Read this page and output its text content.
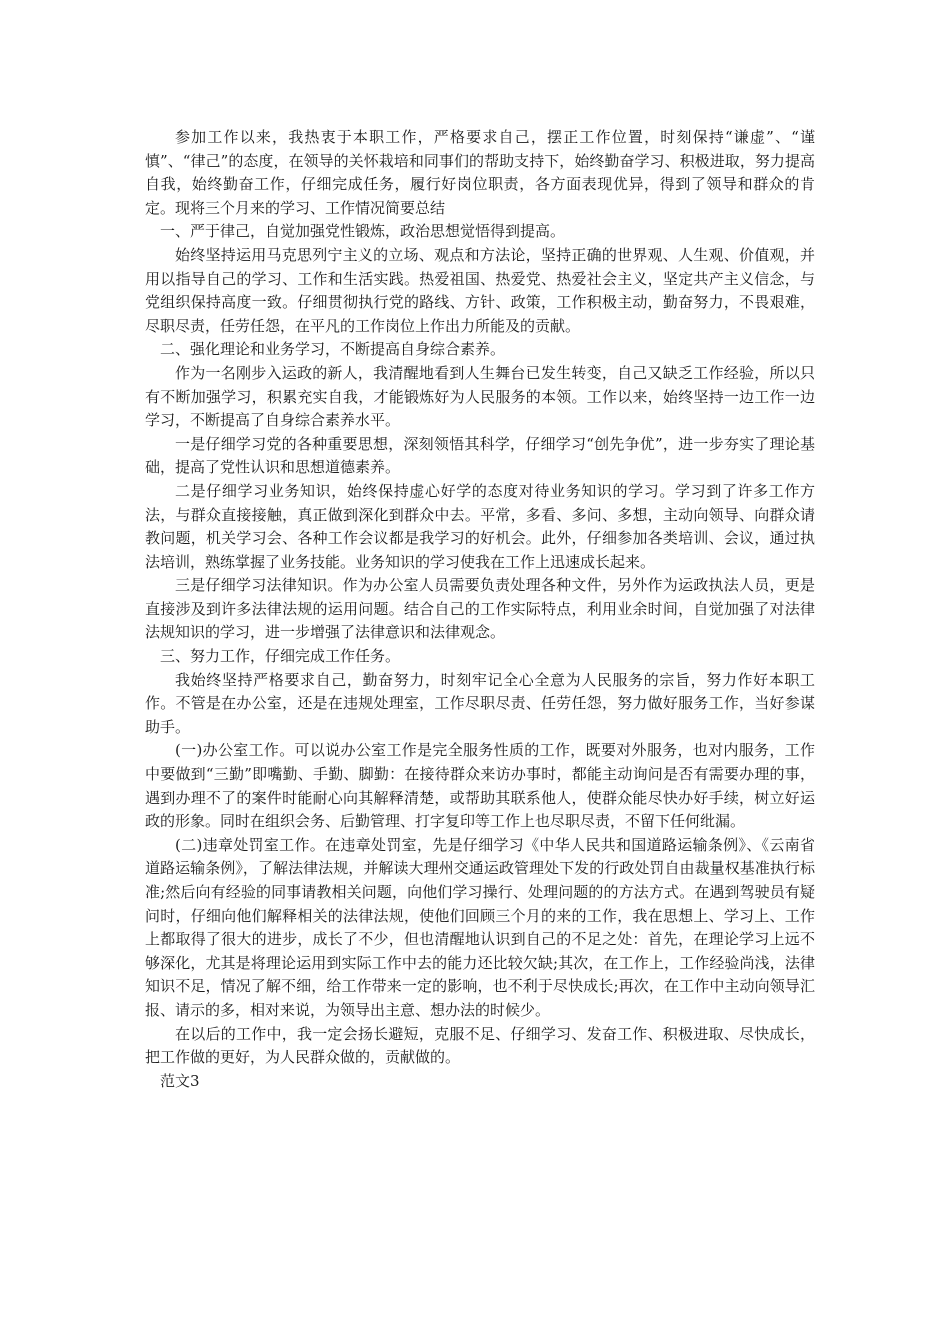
参加工作以来，我热衷于本职工作，严格要求自己，摆正工作位置，时刻保持“谦虚”、“谨慎”、“律己”的态度，在领导的关怀栽培和同事们的帮助支持下，始终勤奋学习、积极进取，努力提高自我，始终勤奋工作，仔细完成任务，履行好岗位职责，各方面表现优异，得到了领导和群众的肯定。现将三个月来的学习、工作情况简要总结

一、严于律己，自觉加强党性锻炼，政治思想觉悟得到提高。

始终坚持运用马克思列宁主义的立场、观点和方法论，坚持正确的世界观、人生观、价值观，并用以指导自己的学习、工作和生活实践。热爱祖国、热爱党、热爱社会主义，坚定共产主义信念，与党组织保持高度一致。仔细贯彻执行党的路线、方针、政策，工作积极主动，勤奋努力，不畏艰难，尽职尽责，任劳任怨，在平凡的工作岗位上作出力所能及的贡献。

二、强化理论和业务学习，不断提高自身综合素养。

作为一名刚步入运政的新人，我清醒地看到人生舞台已发生转变，自己又缺乏工作经验，所以只有不断加强学习，积累充实自我，才能锻炼好为人民服务的本领。工作以来，始终坚持一边工作一边学习，不断提高了自身综合素养水平。

一是仔细学习党的各种重要思想，深刻领悟其科学，仔细学习“创先争优”，进一步夯实了理论基础，提高了党性认识和思想道德素养。

二是仔细学习业务知识，始终保持虚心好学的态度对待业务知识的学习。学习到了许多工作方法，与群众直接接触，真正做到深化到群众中去。平常，多看、多问、多想，主动向领导、向群众请教问题，机关学习会、各种工作会议都是我学习的好机会。此外，仔细参加各类培训、会议，通过执法培训，熟练掌握了业务技能。业务知识的学习使我在工作上迅速成长起来。

三是仔细学习法律知识。作为办公室人员需要负责处理各种文件，另外作为运政执法人员，更是直接涉及到许多法律法规的运用问题。结合自己的工作实际特点，利用业余时间，自觉加强了对法律法规知识的学习，进一步增强了法律意识和法律观念。

三、努力工作，仔细完成工作任务。

我始终坚持严格要求自己，勤奋努力，时刻牢记全心全意为人民服务的宗旨，努力作好本职工作。不管是在办公室，还是在违规处理室，工作尽职尽责、任劳任怨，努力做好服务工作，当好参谋助手。

(一)办公室工作。可以说办公室工作是完全服务性质的工作，既要对外服务，也对内服务，工作中要做到“三勤”即嘴勤、手勤、脚勤：在接待群众来访办事时，都能主动询问是否有需要办理的事，遇到办理不了的案件时能耐心向其解释清楚，或帮助其联系他人，使群众能尽快办好手续，树立好运政的形象。同时在组织会务、后勤管理、打字复印等工作上也尽职尽责，不留下任何纰漏。

(二)违章处罚室工作。在违章处罚室，先是仔细学习《中华人民共和国道路运输条例》、《云南省道路运输条例》，了解法律法规，并解读大理州交通运政管理处下发的行政处罚自由裁量权基准执行标准;然后向有经验的同事请教相关问题，向他们学习操行、处理问题的的方法方式。在遇到驾驶员有疑问时，仔细向他们解释相关的法律法规，使他们回顾三个月的来的工作，我在思想上、学习上、工作上都取得了很大的进步，成长了不少，但也清醒地认识到自己的不足之处：首先，在理论学习上远不够深化，尤其是将理论运用到实际工作中去的能力还比较欠缺;其次，在工作上，工作经验尚浅，法律知识不足，情况了解不细，给工作带来一定的影响，也不利于尽快成长;再次，在工作中主动向领导汇报、请示的多，相对来说，为领导出主意、想办法的时候少。

在以后的工作中，我一定会扬长避短，克服不足、仔细学习、发奋工作、积极进取、尽快成长，把工作做的更好，为人民群众做的，贡献做的。

范文3
